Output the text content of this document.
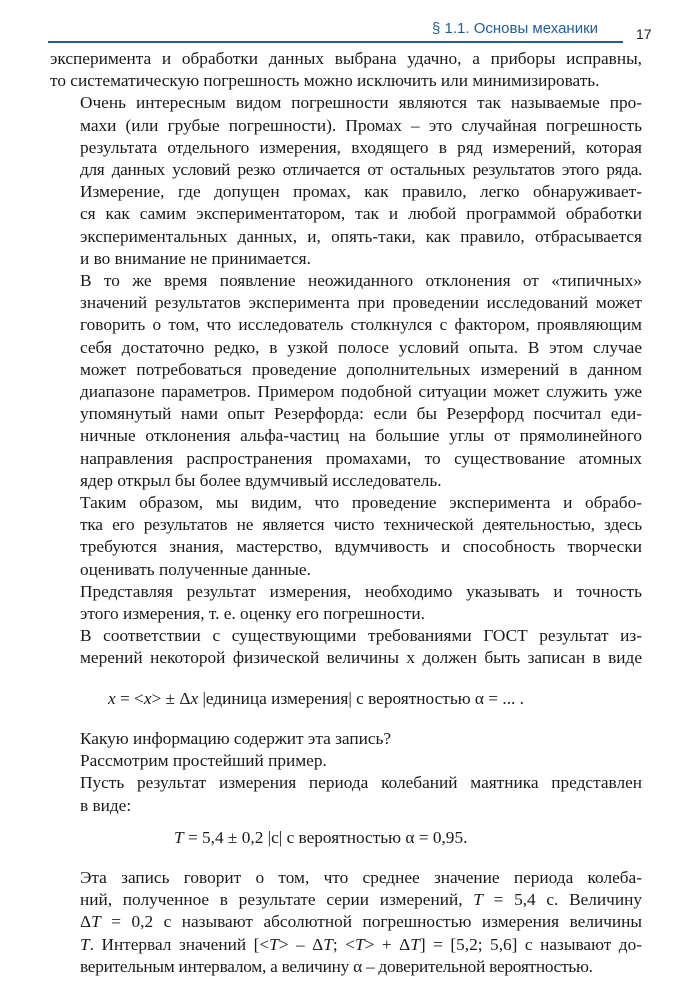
§ 1.1. Основы механики	17

эксперимента и обработки данных выбрана удачно, а приборы исправны,
то систематическую погрешность можно исключить или минимизировать.

Очень интересным видом погрешности являются так называемые про-
махи (или грубые погрешности). Промах – это случайная погрешность
результата отдельного измерения, входящего в ряд измерений, которая
для данных условий резко отличается от остальных результатов этого ряда.

Измерение, где допущен промах, как правило, легко обнаруживает-
ся как самим экспериментатором, так и любой программой обработки
экспериментальных данных, и, опять-таки, как правило, отбрасывается
и во внимание не принимается.

В то же время появление неожиданного отклонения от «типичных»
значений результатов эксперимента при проведении исследований может
говорить о том, что исследователь столкнулся с фактором, проявляющим
себя достаточно редко, в узкой полосе условий опыта. В этом случае
может потребоваться проведение дополнительных измерений в данном
диапазоне параметров. Примером подобной ситуации может служить уже
упомянутый нами опыт Резерфорда: если бы Резерфорд посчитал еди-
ничные отклонения альфа-частиц на большие углы от прямолинейного
направления распространения промахами, то существование атомных
ядер открыл бы более вдумчивый исследователь.

Таким образом, мы видим, что проведение эксперимента и обрабо-
тка его результатов не является чисто технической деятельностью, здесь
требуются знания, мастерство, вдумчивость и способность творчески
оценивать полученные данные.

Представляя результат измерения, необходимо указывать и точность
этого измерения, т. е. оценку его погрешности.

В соответствии с существующими требованиями ГОСТ результат из-
мерений некоторой физической величины x должен быть записан в виде

x = <x> ± Δx |единица измерения| с вероятностью α = ... .

Какую информацию содержит эта запись?

Рассмотрим простейший пример.

Пусть результат измерения периода колебаний маятника представлен
в виде:

T = 5,4 ± 0,2 |с| с вероятностью α = 0,95.

Эта запись говорит о том, что среднее значение периода колеба-
ний, полученное в результате серии измерений, T = 5,4 с. Величину
ΔT = 0,2 с называют абсолютной погрешностью измерения величины
T. Интервал значений [<T> – ΔT; <T> + ΔT] = [5,2; 5,6] с называют до-
верительным интервалом, а величину α – доверительной вероятностью.
